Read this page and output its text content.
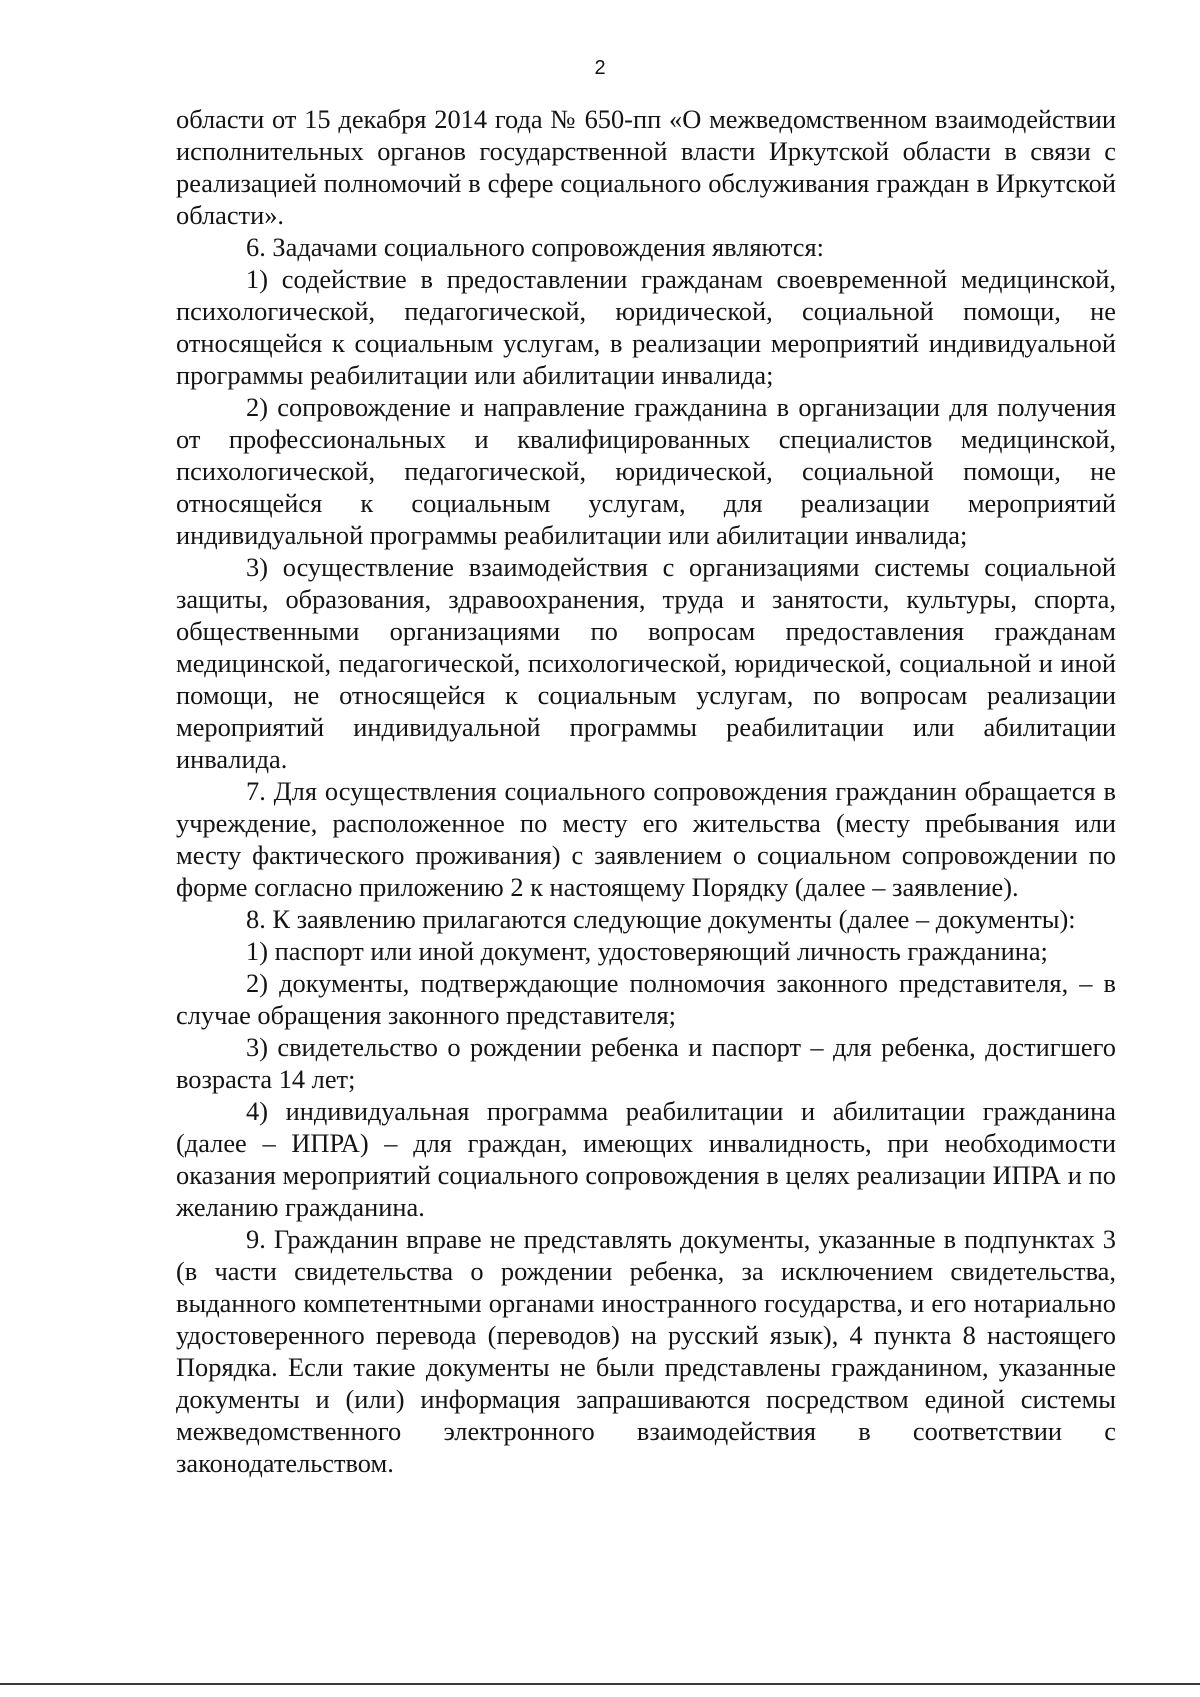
2

области от 15 декабря 2014 года № 650-пп «О межведомственном взаимодействии исполнительных органов государственной власти Иркутской области в связи с реализацией полномочий в сфере социального обслуживания граждан в Иркутской области».

6. Задачами социального сопровождения являются:

1) содействие в предоставлении гражданам своевременной медицинской, психологической, педагогической, юридической, социальной помощи, не относящейся к социальным услугам, в реализации мероприятий индивидуальной программы реабилитации или абилитации инвалида;

2) сопровождение и направление гражданина в организации для получения от профессиональных и квалифицированных специалистов медицинской, психологической, педагогической, юридической, социальной помощи, не относящейся к социальным услугам, для реализации мероприятий индивидуальной программы реабилитации или абилитации инвалида;

3) осуществление взаимодействия с организациями системы социальной защиты, образования, здравоохранения, труда и занятости, культуры, спорта, общественными организациями по вопросам предоставления гражданам медицинской, педагогической, психологической, юридической, социальной и иной помощи, не относящейся к социальным услугам, по вопросам реализации мероприятий индивидуальной программы реабилитации или абилитации инвалида.

7. Для осуществления социального сопровождения гражданин обращается в учреждение, расположенное по месту его жительства (месту пребывания или месту фактического проживания) с заявлением о социальном сопровождении по форме согласно приложению 2 к настоящему Порядку (далее – заявление).

8. К заявлению прилагаются следующие документы (далее – документы):

1) паспорт или иной документ, удостоверяющий личность гражданина;

2) документы, подтверждающие полномочия законного представителя, – в случае обращения законного представителя;

3) свидетельство о рождении ребенка и паспорт – для ребенка, достигшего возраста 14 лет;

4) индивидуальная программа реабилитации и абилитации гражданина (далее – ИПРА) – для граждан, имеющих инвалидность, при необходимости оказания мероприятий социального сопровождения в целях реализации ИПРА и по желанию гражданина.

9. Гражданин вправе не представлять документы, указанные в подпунктах 3 (в части свидетельства о рождении ребенка, за исключением свидетельства, выданного компетентными органами иностранного государства, и его нотариально удостоверенного перевода (переводов) на русский язык), 4 пункта 8 настоящего Порядка. Если такие документы не были представлены гражданином, указанные документы и (или) информация запрашиваются посредством единой системы межведомственного электронного взаимодействия в соответствии с законодательством.
